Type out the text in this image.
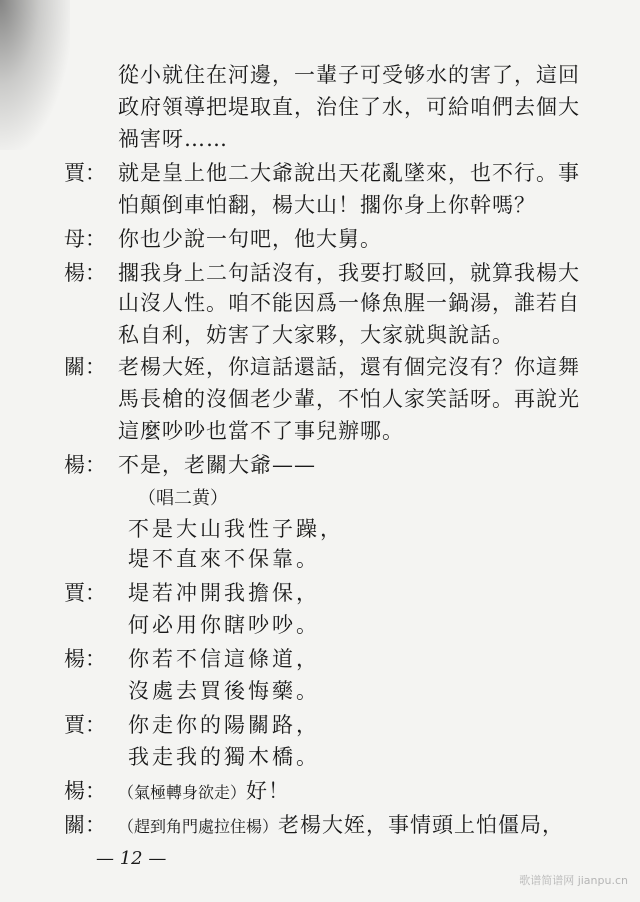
從小就住在河邊，一輩子可受够水的害了，這回
政府領導把堤取直，治住了水，可給咱們去個大
禍害呀……
賈： 就是皇上他二大爺說出天花亂墜來，也不行。事
怕顛倒車怕翻，楊大山！擱你身上你幹嗎？
母： 你也少說一句吧，他大舅。
楊： 擱我身上二句話沒有，我要打駁回，就算我楊大
山沒人性。咱不能因爲一條魚腥一鍋湯，誰若自
私自利，妨害了大家夥，大家就與說話。
關： 老楊大姪，你這話還話，還有個完沒有？你這舞
馬長槍的沒個老少輩，不怕人家笑話呀。再說光
這麼吵吵也當不了事兒辦哪。
楊： 不是，老關大爺——
（唱二黄）
不是大山我性子躁，
堤不直來不保靠。
賈： 堤若冲開我擔保，
何必用你瞎吵吵。
楊： 你若不信這條道，
沒處去買後悔藥。
賈： 你走你的陽關路，
我走我的獨木橋。
楊： （氣極轉身欲走）好！
關： （趕到角門處拉住楊）老楊大姪，事情頭上怕僵局，
— 12 —
歌谱简谱网 jianpu.cn
